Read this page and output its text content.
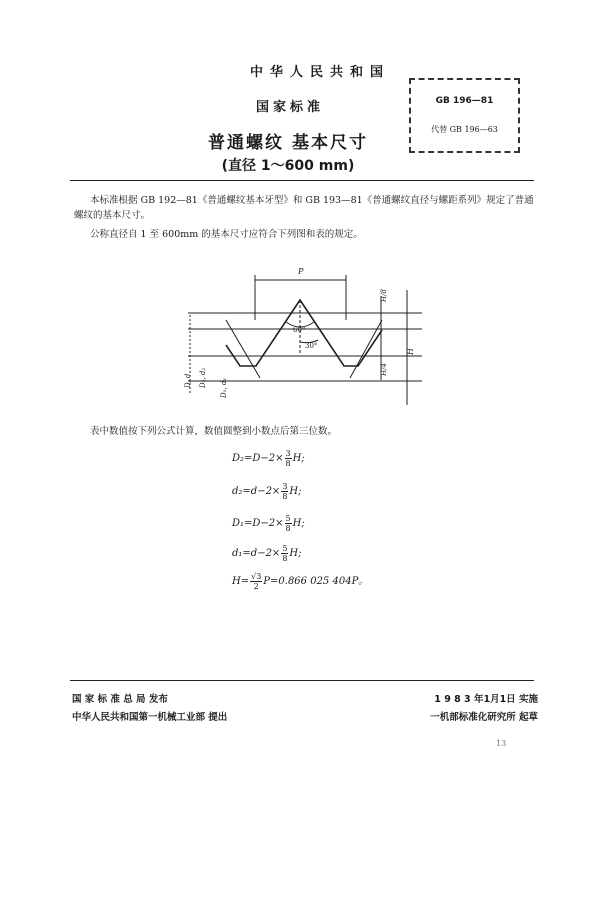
中华人民共和国
国家标准
普通螺纹 基本尺寸
(直径 1～600 mm)
GB 196—81
代替 GB 196—63
本标准根据 GB 192—81《普通螺纹基本牙型》和 GB 193—81《普通螺纹直径与螺距系列》规定了普通螺纹的基本尺寸。
公称直径自 1 至 600mm 的基本尺寸应符合下列图和表的规定。
P
H
H/8
H/4
60°
30°
D, d D₂, d₂ D₁, d₁
表中数值按下列公式计算，数值圆整到小数点后第三位数。
$D_2=D-2\times \frac{3}{8} H$;
$d_2=d-2\times \frac{3}{8} H$;
$D_1=D-2\times \frac{5}{8} H$;
$d_1=d-2\times \frac{5}{8} H$;
$H= \frac{√3}{2} P=0.866$ 025 404P。
国 家 标 准 总 局 发布	1 9 8 3 年1月1日 实施
中华人民共和国第一机械工业部 提出	一机部标准化研究所 起草
13
